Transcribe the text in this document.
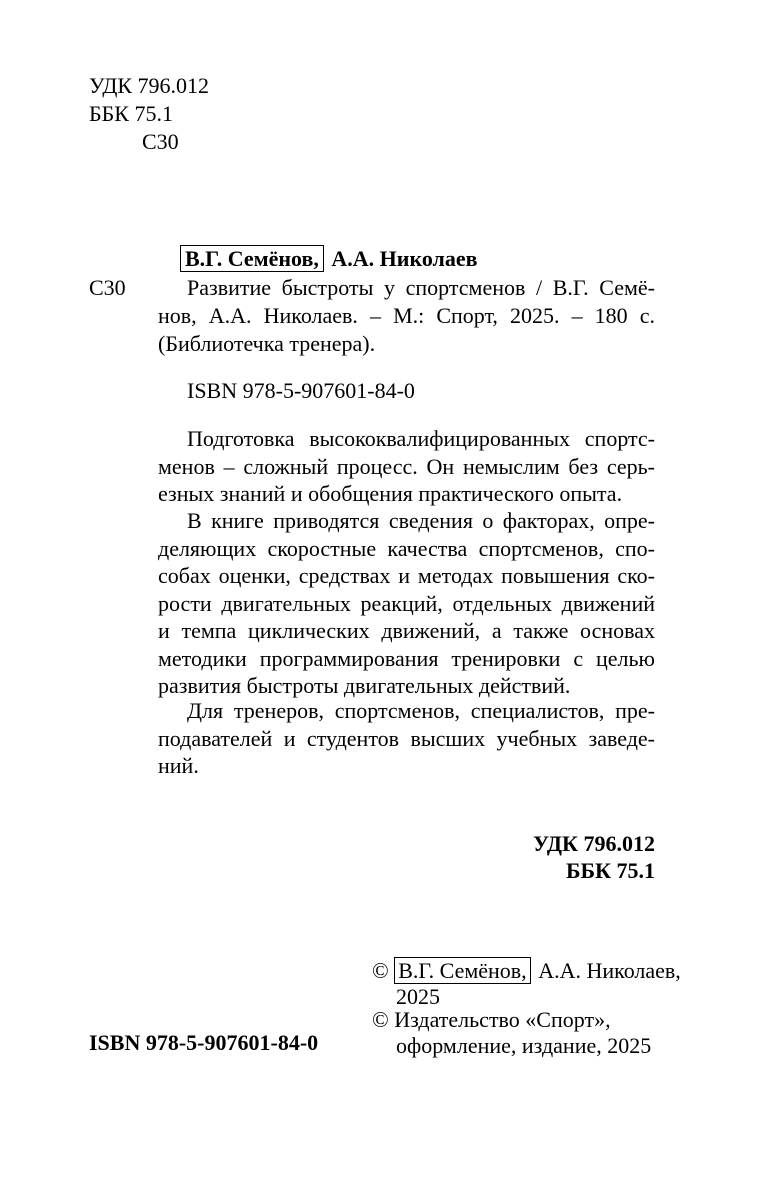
УДК 796.012
ББК 75.1
С30
В.Г. Семёнов, А.А. Николаев
С30	Развитие быстроты у спортсменов / В.Г. Семё-
нов, А.А. Николаев. – М.: Спорт, 2025. – 180 с.
(Библиотечка тренера).
ISBN 978-5-907601-84-0
Подготовка высококвалифицированных спортс-
менов – сложный процесс. Он немыслим без серь-
езных знаний и обобщения практического опыта.
В книге приводятся сведения о факторах, опре-
деляющих скоростные качества спортсменов, спо-
собах оценки, средствах и методах повышения ско-
рости двигательных реакций, отдельных движений
и темпа циклических движений, а также основах
методики программирования тренировки с целью
развития быстроты двигательных действий.
Для тренеров, спортсменов, специалистов, пре-
подавателей и студентов высших учебных заведе-
ний.
УДК 796.012
ББК 75.1
© В.Г. Семёнов, А.А. Николаев,
2025
© Издательство «Спорт»,
оформление, издание, 2025
ISBN 978-5-907601-84-0
